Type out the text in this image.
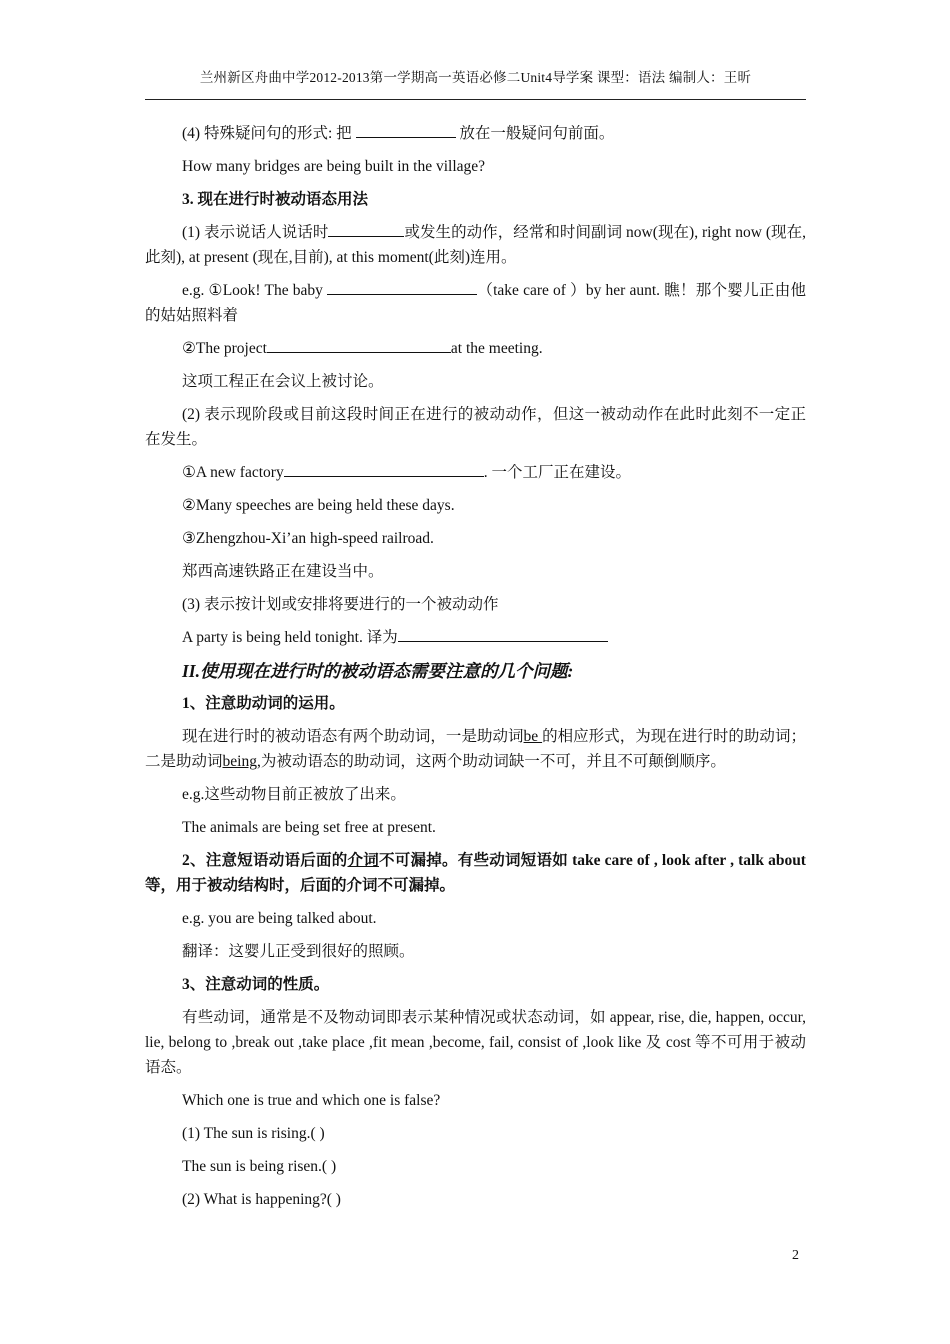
兰州新区舟曲中学2012-2013第一学期高一英语必修二Unit4导学案 课型：语法 编制人：王昕

(4) 特殊疑问句的形式: 把	放在一般疑问句前面。

How many bridges are being built in the village?

3. 现在进行时被动语态用法

(1) 表示说话人说话时	或发生的动作，经常和时间副词 now(现在), right now (现在, 此刻), at present (现在,目前), at this moment(此刻)连用。

e.g. ①Look! The baby	（take care of ）by her aunt. 瞧！那个婴儿正由他的姑姑照料着

②The project	at the meeting.

这项工程正在会议上被讨论。

(2) 表示现阶段或目前这段时间正在进行的被动动作，但这一被动动作在此时此刻不一定正在发生。

①A new factory	. 一个工厂正在建设。

②Many speeches are being held these days.

③Zhengzhou-Xi’an high-speed railroad.

郑西高速铁路正在建设当中。

(3) 表示按计划或安排将要进行的一个被动动作

A party is being held tonight. 译为

II.使用现在进行时的被动语态需要注意的几个问题:

1、注意助动词的运用。

现在进行时的被动语态有两个助动词，一是助动词be 的相应形式，为现在进行时的助动词；二是助动词being,为被动语态的助动词，这两个助动词缺一不可，并且不可颠倒顺序。

e.g.这些动物目前正被放了出来。

The animals are being set free at present.

2、注意短语动语后面的介词不可漏掉。有些动词短语如 take care of , look after , talk about 等，用于被动结构时，后面的介词不可漏掉。

e.g. you are being talked about.

翻译：这婴儿正受到很好的照顾。

3、注意动词的性质。

有些动词，通常是不及物动词即表示某种情况或状态动词，如 appear, rise, die, happen, occur, lie, belong to ,break out ,take place ,fit mean ,become, fail, consist of ,look like 及 cost 等不可用于被动语态。

Which one is true and which one is false?

(1) The sun is rising.( )

The sun is being risen.( )

(2) What is happening?( )

2
